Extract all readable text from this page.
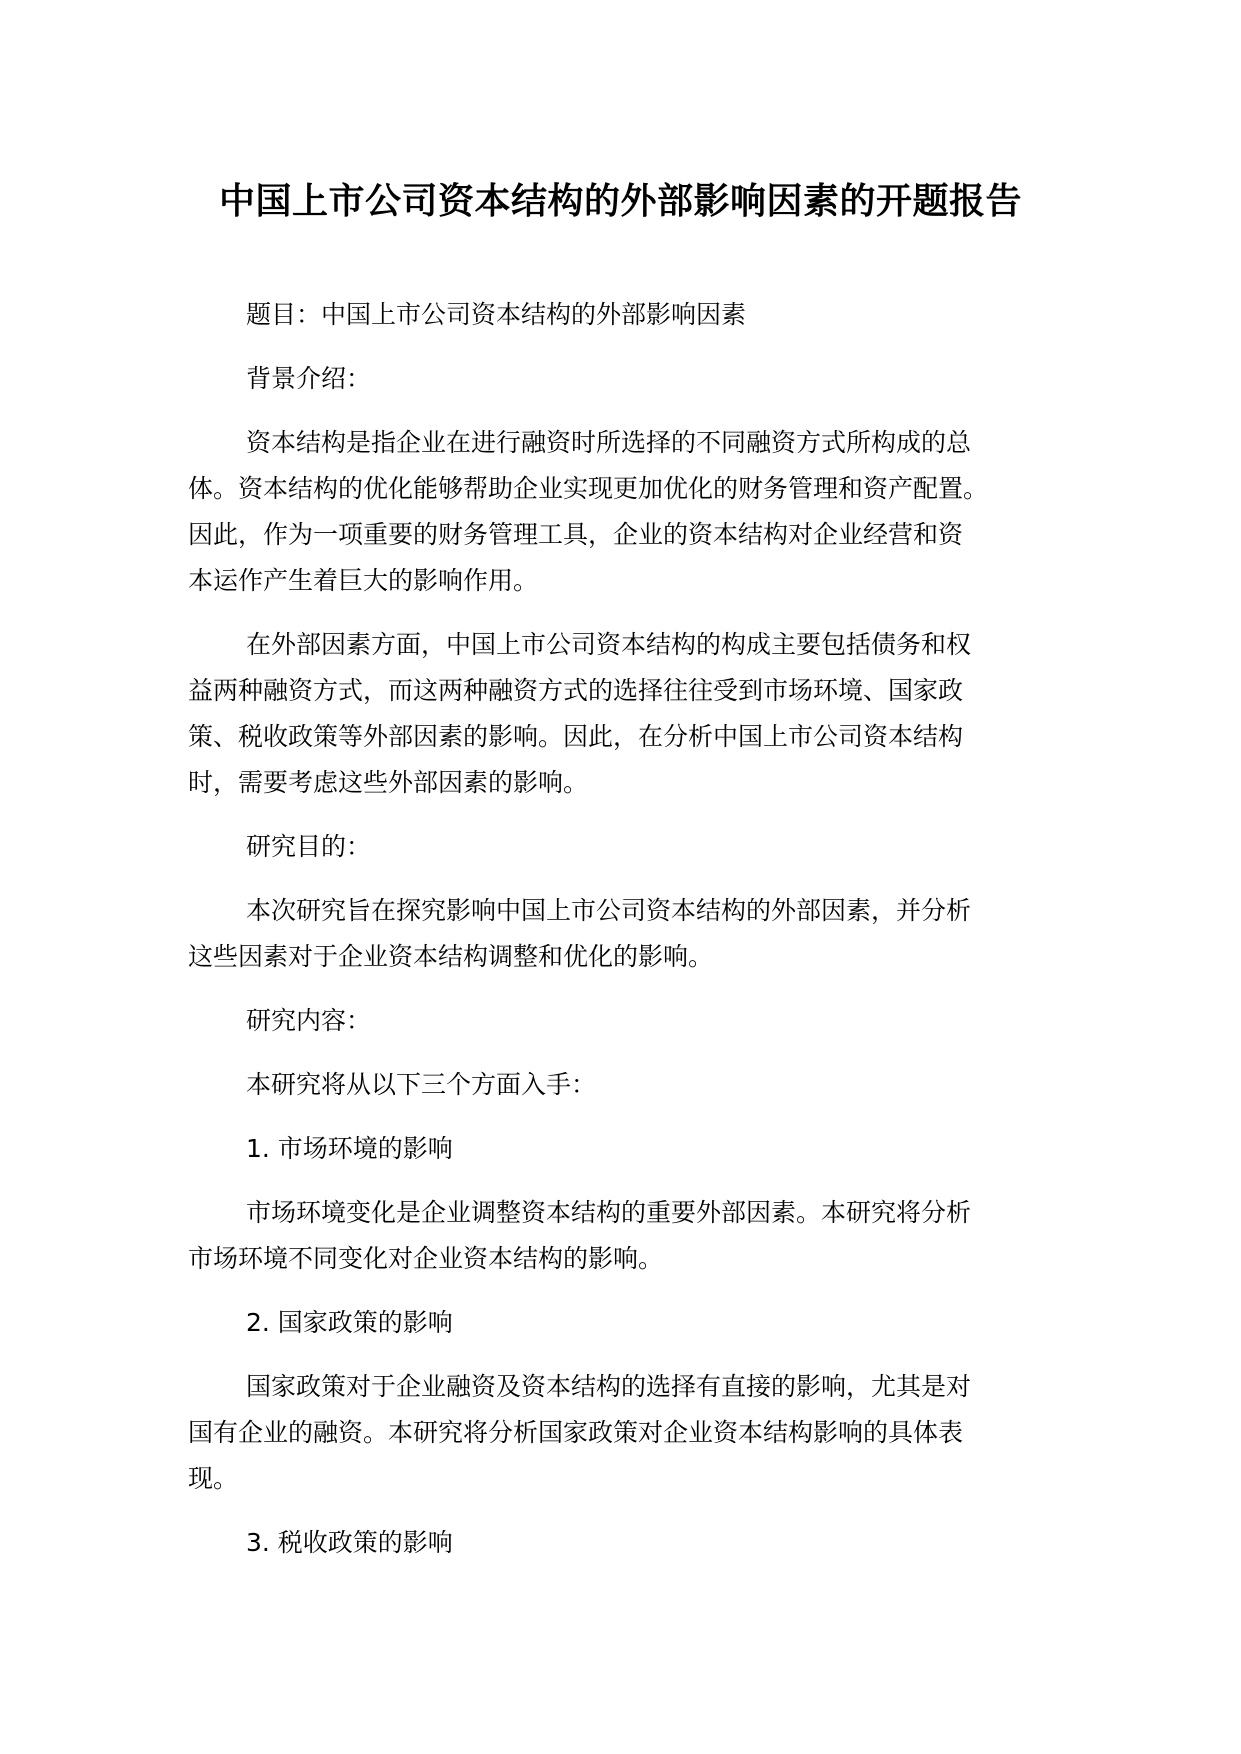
中国上市公司资本结构的外部影响因素的开题报告

题目：中国上市公司资本结构的外部影响因素

背景介绍：

资本结构是指企业在进行融资时所选择的不同融资方式所构成的总
体。资本结构的优化能够帮助企业实现更加优化的财务管理和资产配置。
因此，作为一项重要的财务管理工具，企业的资本结构对企业经营和资
本运作产生着巨大的影响作用。

在外部因素方面，中国上市公司资本结构的构成主要包括债务和权
益两种融资方式，而这两种融资方式的选择往往受到市场环境、国家政
策、税收政策等外部因素的影响。因此，在分析中国上市公司资本结构
时，需要考虑这些外部因素的影响。

研究目的：

本次研究旨在探究影响中国上市公司资本结构的外部因素，并分析
这些因素对于企业资本结构调整和优化的影响。

研究内容：

本研究将从以下三个方面入手：

1. 市场环境的影响

市场环境变化是企业调整资本结构的重要外部因素。本研究将分析
市场环境不同变化对企业资本结构的影响。

2. 国家政策的影响

国家政策对于企业融资及资本结构的选择有直接的影响，尤其是对
国有企业的融资。本研究将分析国家政策对企业资本结构影响的具体表
现。

3. 税收政策的影响
